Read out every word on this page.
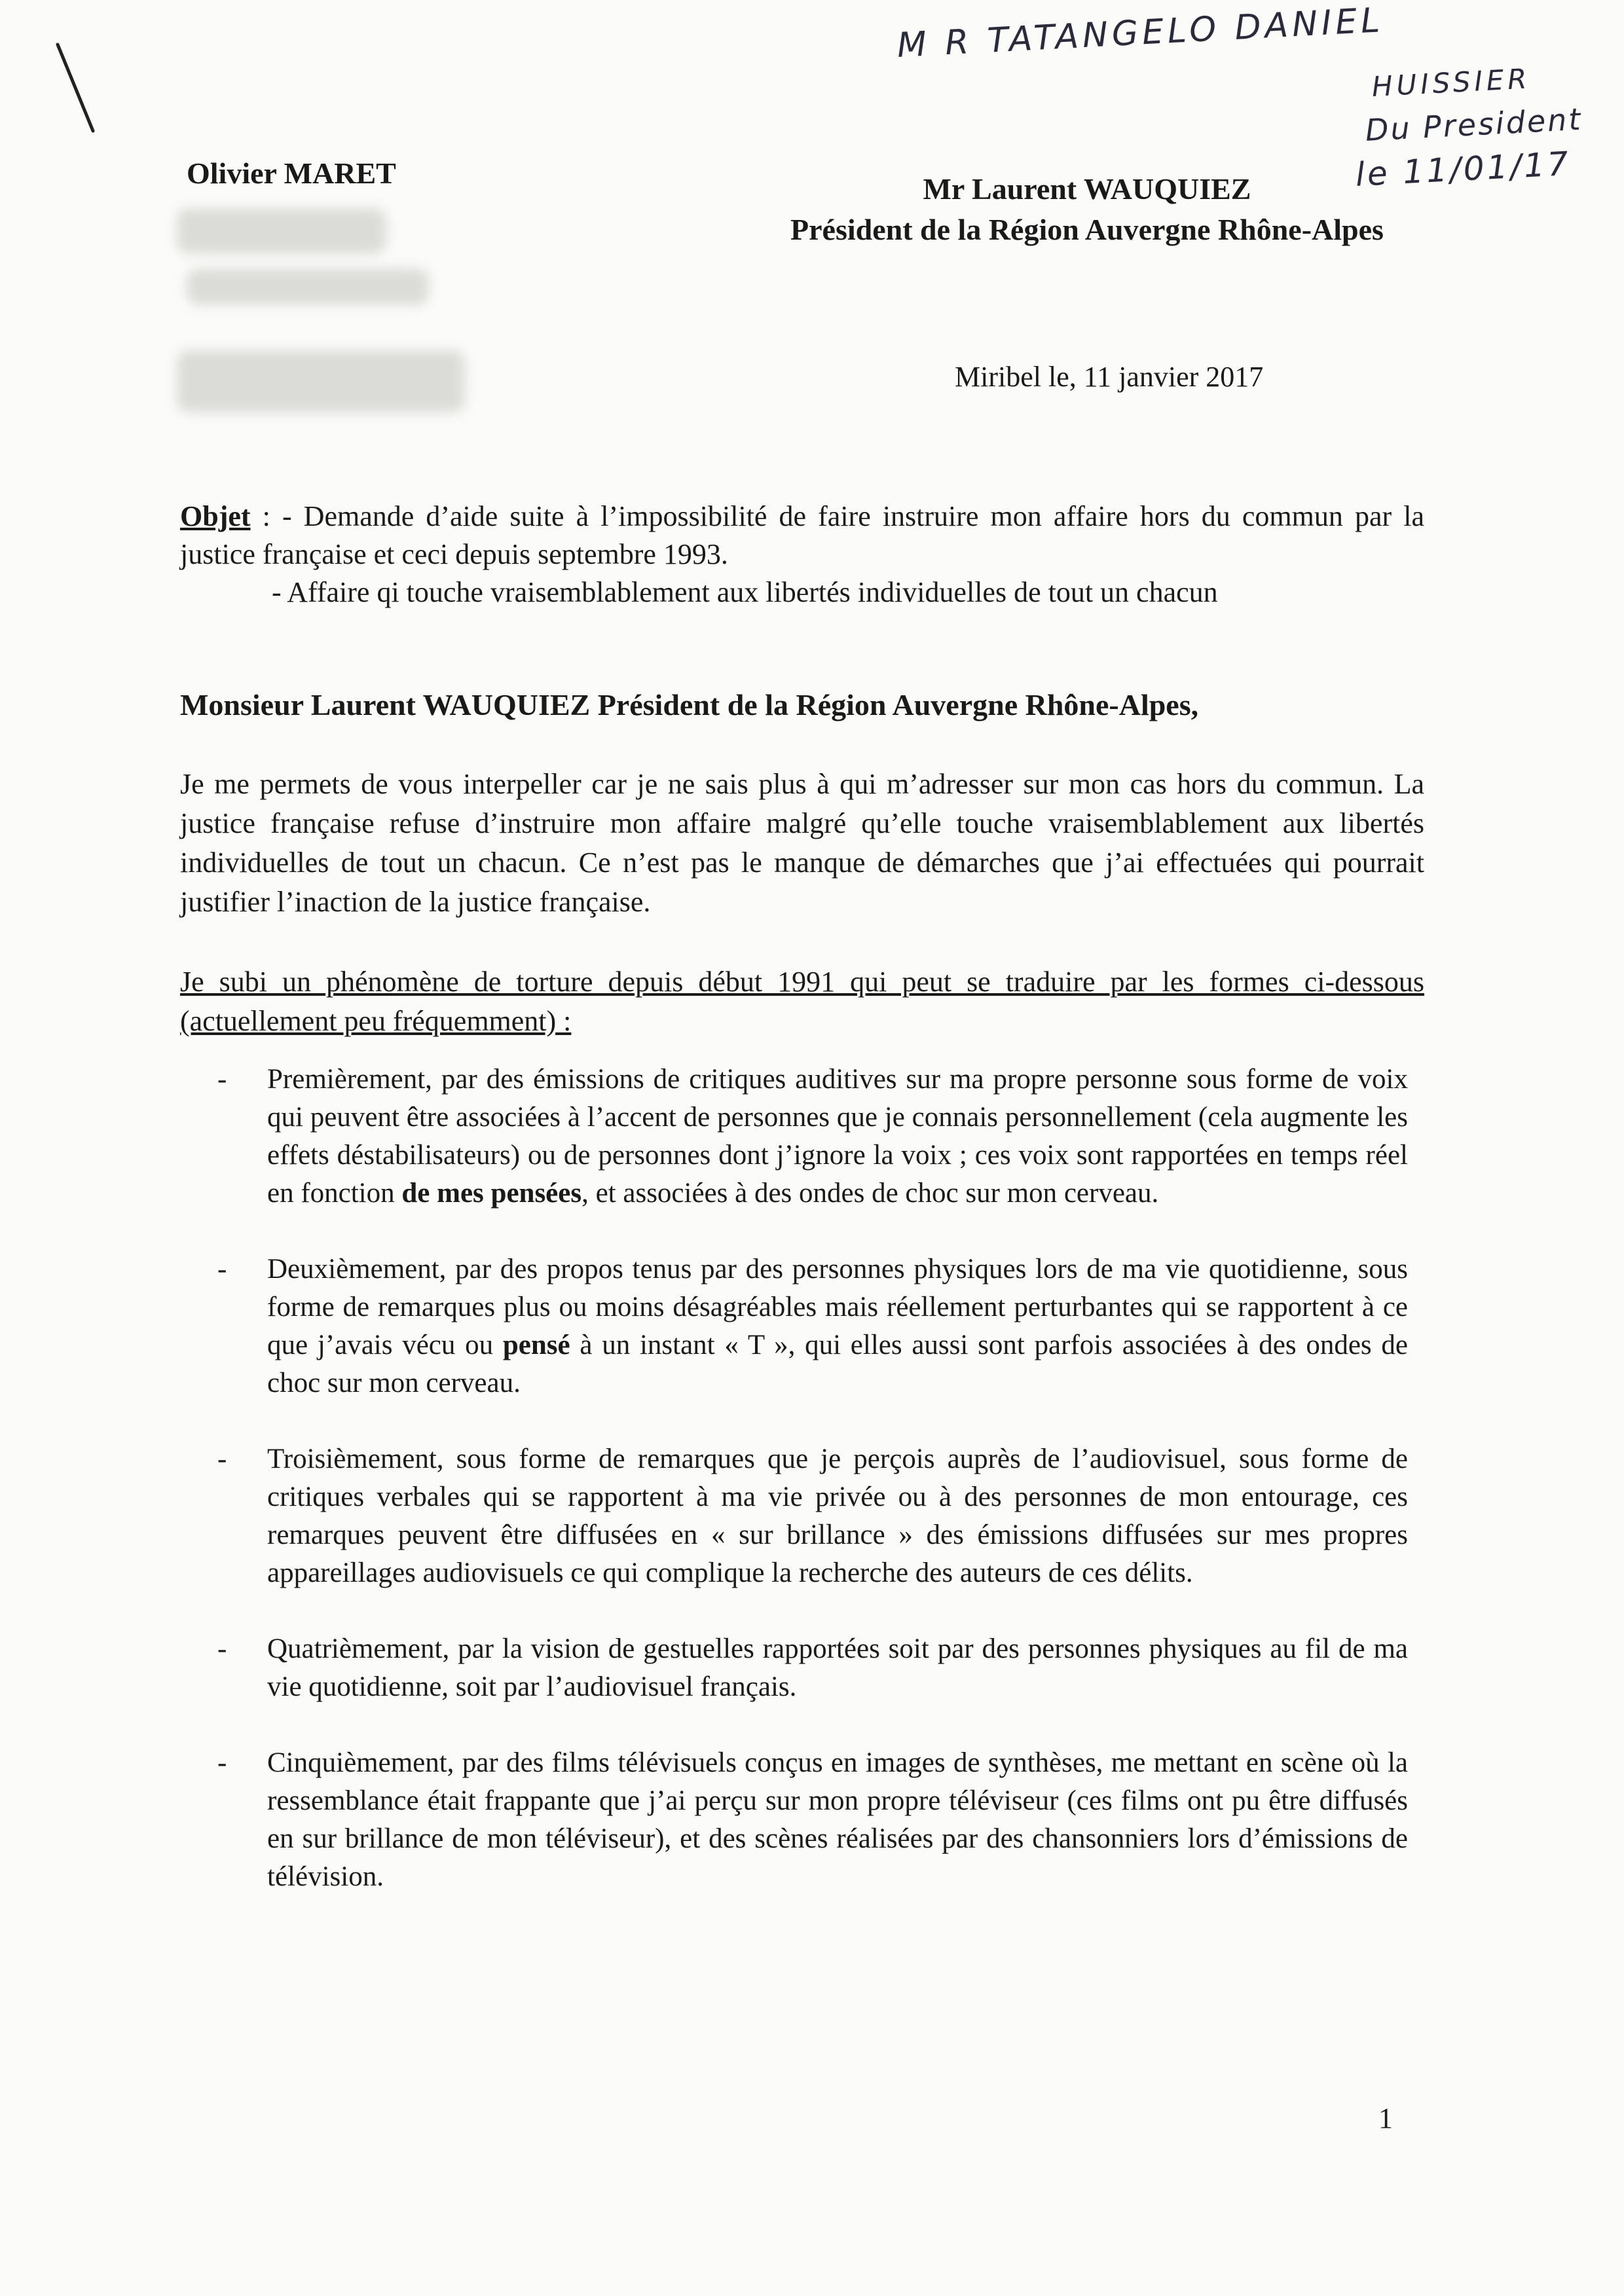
M R TATANGELO DANIEL
HUISSIER
Du President
le 11/01/17
Olivier MARET	Mr Laurent WAUQUIEZ
Président de la Région Auvergne Rhône-Alpes
Miribel le, 11 janvier 2017
Objet : - Demande d’aide suite à l’impossibilité de faire instruire mon affaire hors du commun par la justice française et ceci depuis septembre 1993.
- Affaire qi touche vraisemblablement aux libertés individuelles de tout un chacun
Monsieur Laurent WAUQUIEZ Président de la Région Auvergne Rhône-Alpes,
Je me permets de vous interpeller car je ne sais plus à qui m’adresser sur mon cas hors du commun. La justice française refuse d’instruire mon affaire malgré qu’elle touche vraisemblablement aux libertés individuelles de tout un chacun. Ce n’est pas le manque de démarches que j’ai effectuées qui pourrait justifier l’inaction de la justice française.
Je subi un phénomène de torture depuis début 1991 qui peut se traduire par les formes ci-dessous (actuellement peu fréquemment) :
- Premièrement, par des émissions de critiques auditives sur ma propre personne sous forme de voix qui peuvent être associées à l’accent de personnes que je connais personnellement (cela augmente les effets déstabilisateurs) ou de personnes dont j’ignore la voix ; ces voix sont rapportées en temps réel en fonction de mes pensées, et associées à des ondes de choc sur mon cerveau.
- Deuxièmement, par des propos tenus par des personnes physiques lors de ma vie quotidienne, sous forme de remarques plus ou moins désagréables mais réellement perturbantes qui se rapportent à ce que j’avais vécu ou pensé à un instant « T », qui elles aussi sont parfois associées à des ondes de choc sur mon cerveau.
- Troisièmement, sous forme de remarques que je perçois auprès de l’audiovisuel, sous forme de critiques verbales qui se rapportent à ma vie privée ou à des personnes de mon entourage, ces remarques peuvent être diffusées en « sur brillance » des émissions diffusées sur mes propres appareillages audiovisuels ce qui complique la recherche des auteurs de ces délits.
- Quatrièmement, par la vision de gestuelles rapportées soit par des personnes physiques au fil de ma vie quotidienne, soit par l’audiovisuel français.
- Cinquièmement, par des films télévisuels conçus en images de synthèses, me mettant en scène où la ressemblance était frappante que j’ai perçu sur mon propre téléviseur (ces films ont pu être diffusés en sur brillance de mon téléviseur), et des scènes réalisées par des chansonniers lors d’émissions de télévision.
1
